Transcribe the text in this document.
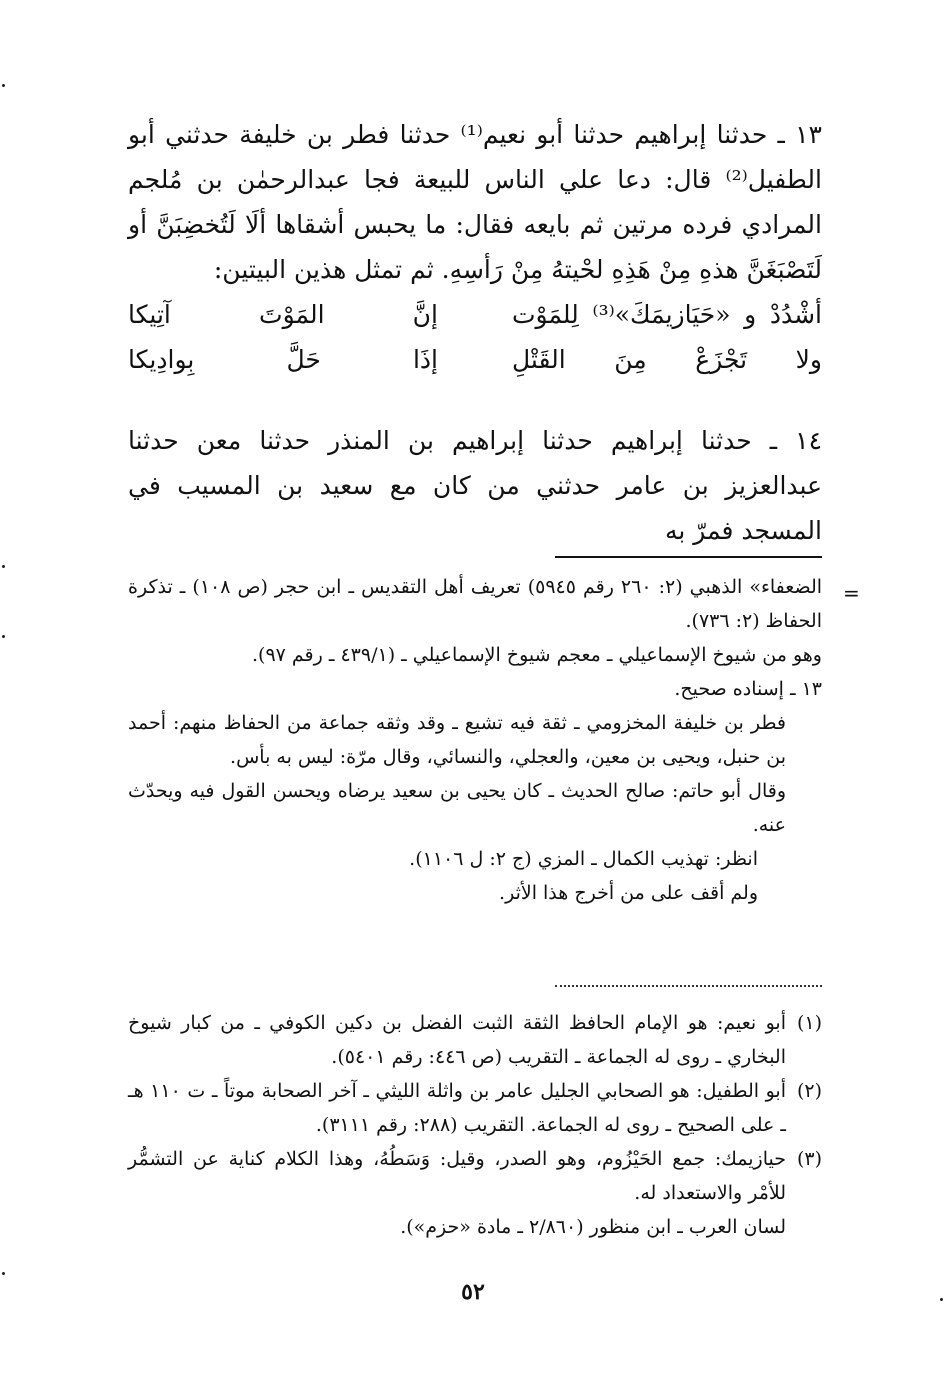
١٣ ـ حدثنا إبراهيم حدثنا أبو نعيم⁽¹⁾ حدثنا فطر بن خليفة حدثني أبو الطفيل⁽²⁾ قال: دعا علي الناس للبيعة فجا عبدالرحمٰن بن مُلجم المرادي فرده مرتين ثم بايعه فقال: ما يحبس أشقاها ألَا لَتُخضِبَنَّ أو لَتَصْبَغَنَّ هذهِ مِنْ هَذِهِ لحْيتهُ مِنْ رَأسِهِ. ثم تمثل هذين البيتين:

أشْدُدْ و «حَيَازيمَكَ»⁽³⁾ لِلمَوْت
إنَّ المَوْتَ آتِيكا
ولا تَجْزَعْ مِنَ القَتْلِ
إذَا حَلَّ بِوادِيكا

١٤ ـ حدثنا إبراهيم حدثنا إبراهيم بن المنذر حدثنا معن حدثنا عبدالعزيز بن عامر حدثني من كان مع سعيد بن المسيب في المسجد فمرّ به

=

الضعفاء» الذهبي (٢: ٢٦٠ رقم ٥٩٤٥) تعريف أهل التقديس ـ ابن حجر (ص ١٠٨) ـ تذكرة الحفاظ (٢: ٧٣٦).

وهو من شيوخ الإسماعيلي ـ معجم شيوخ الإسماعيلي ـ (٤٣٩/١ ـ رقم ٩٧).

١٣ ـ إسناده صحيح.

فطر بن خليفة المخزومي ـ ثقة فيه تشيع ـ وقد وثقه جماعة من الحفاظ منهم: أحمد بن حنبل، ويحيى بن معين، والعجلي، والنسائي، وقال مرّة: ليس به بأس.

وقال أبو حاتم: صالح الحديث ـ كان يحيى بن سعيد يرضاه ويحسن القول فيه ويحدّث عنه.

انظر: تهذيب الكمال ـ المزي (ج ٢: ل ١١٠٦).

ولم أقف على من أخرج هذا الأثر.

(١)
أبو نعيم: هو الإمام الحافظ الثقة الثبت الفضل بن دكين الكوفي ـ من كبار شيوخ البخاري ـ روى له الجماعة ـ التقريب (ص ٤٤٦: رقم ٥٤٠١).
(٢)
أبو الطفيل: هو الصحابي الجليل عامر بن واثلة الليثي ـ آخر الصحابة موتاً ـ ت ١١٠ هـ ـ على الصحيح ـ روى له الجماعة. التقريب (٢٨٨: رقم ٣١١١).
(٣)
حيازيمك: جمع الحَيْزُوم، وهو الصدر، وقيل: وَسَطُهُ، وهذا الكلام كناية عن التشمُّر للأمْر والاستعداد له.

لسان العرب ـ ابن منظور (٢/٨٦٠ ـ مادة «حزم»).

٥٢
